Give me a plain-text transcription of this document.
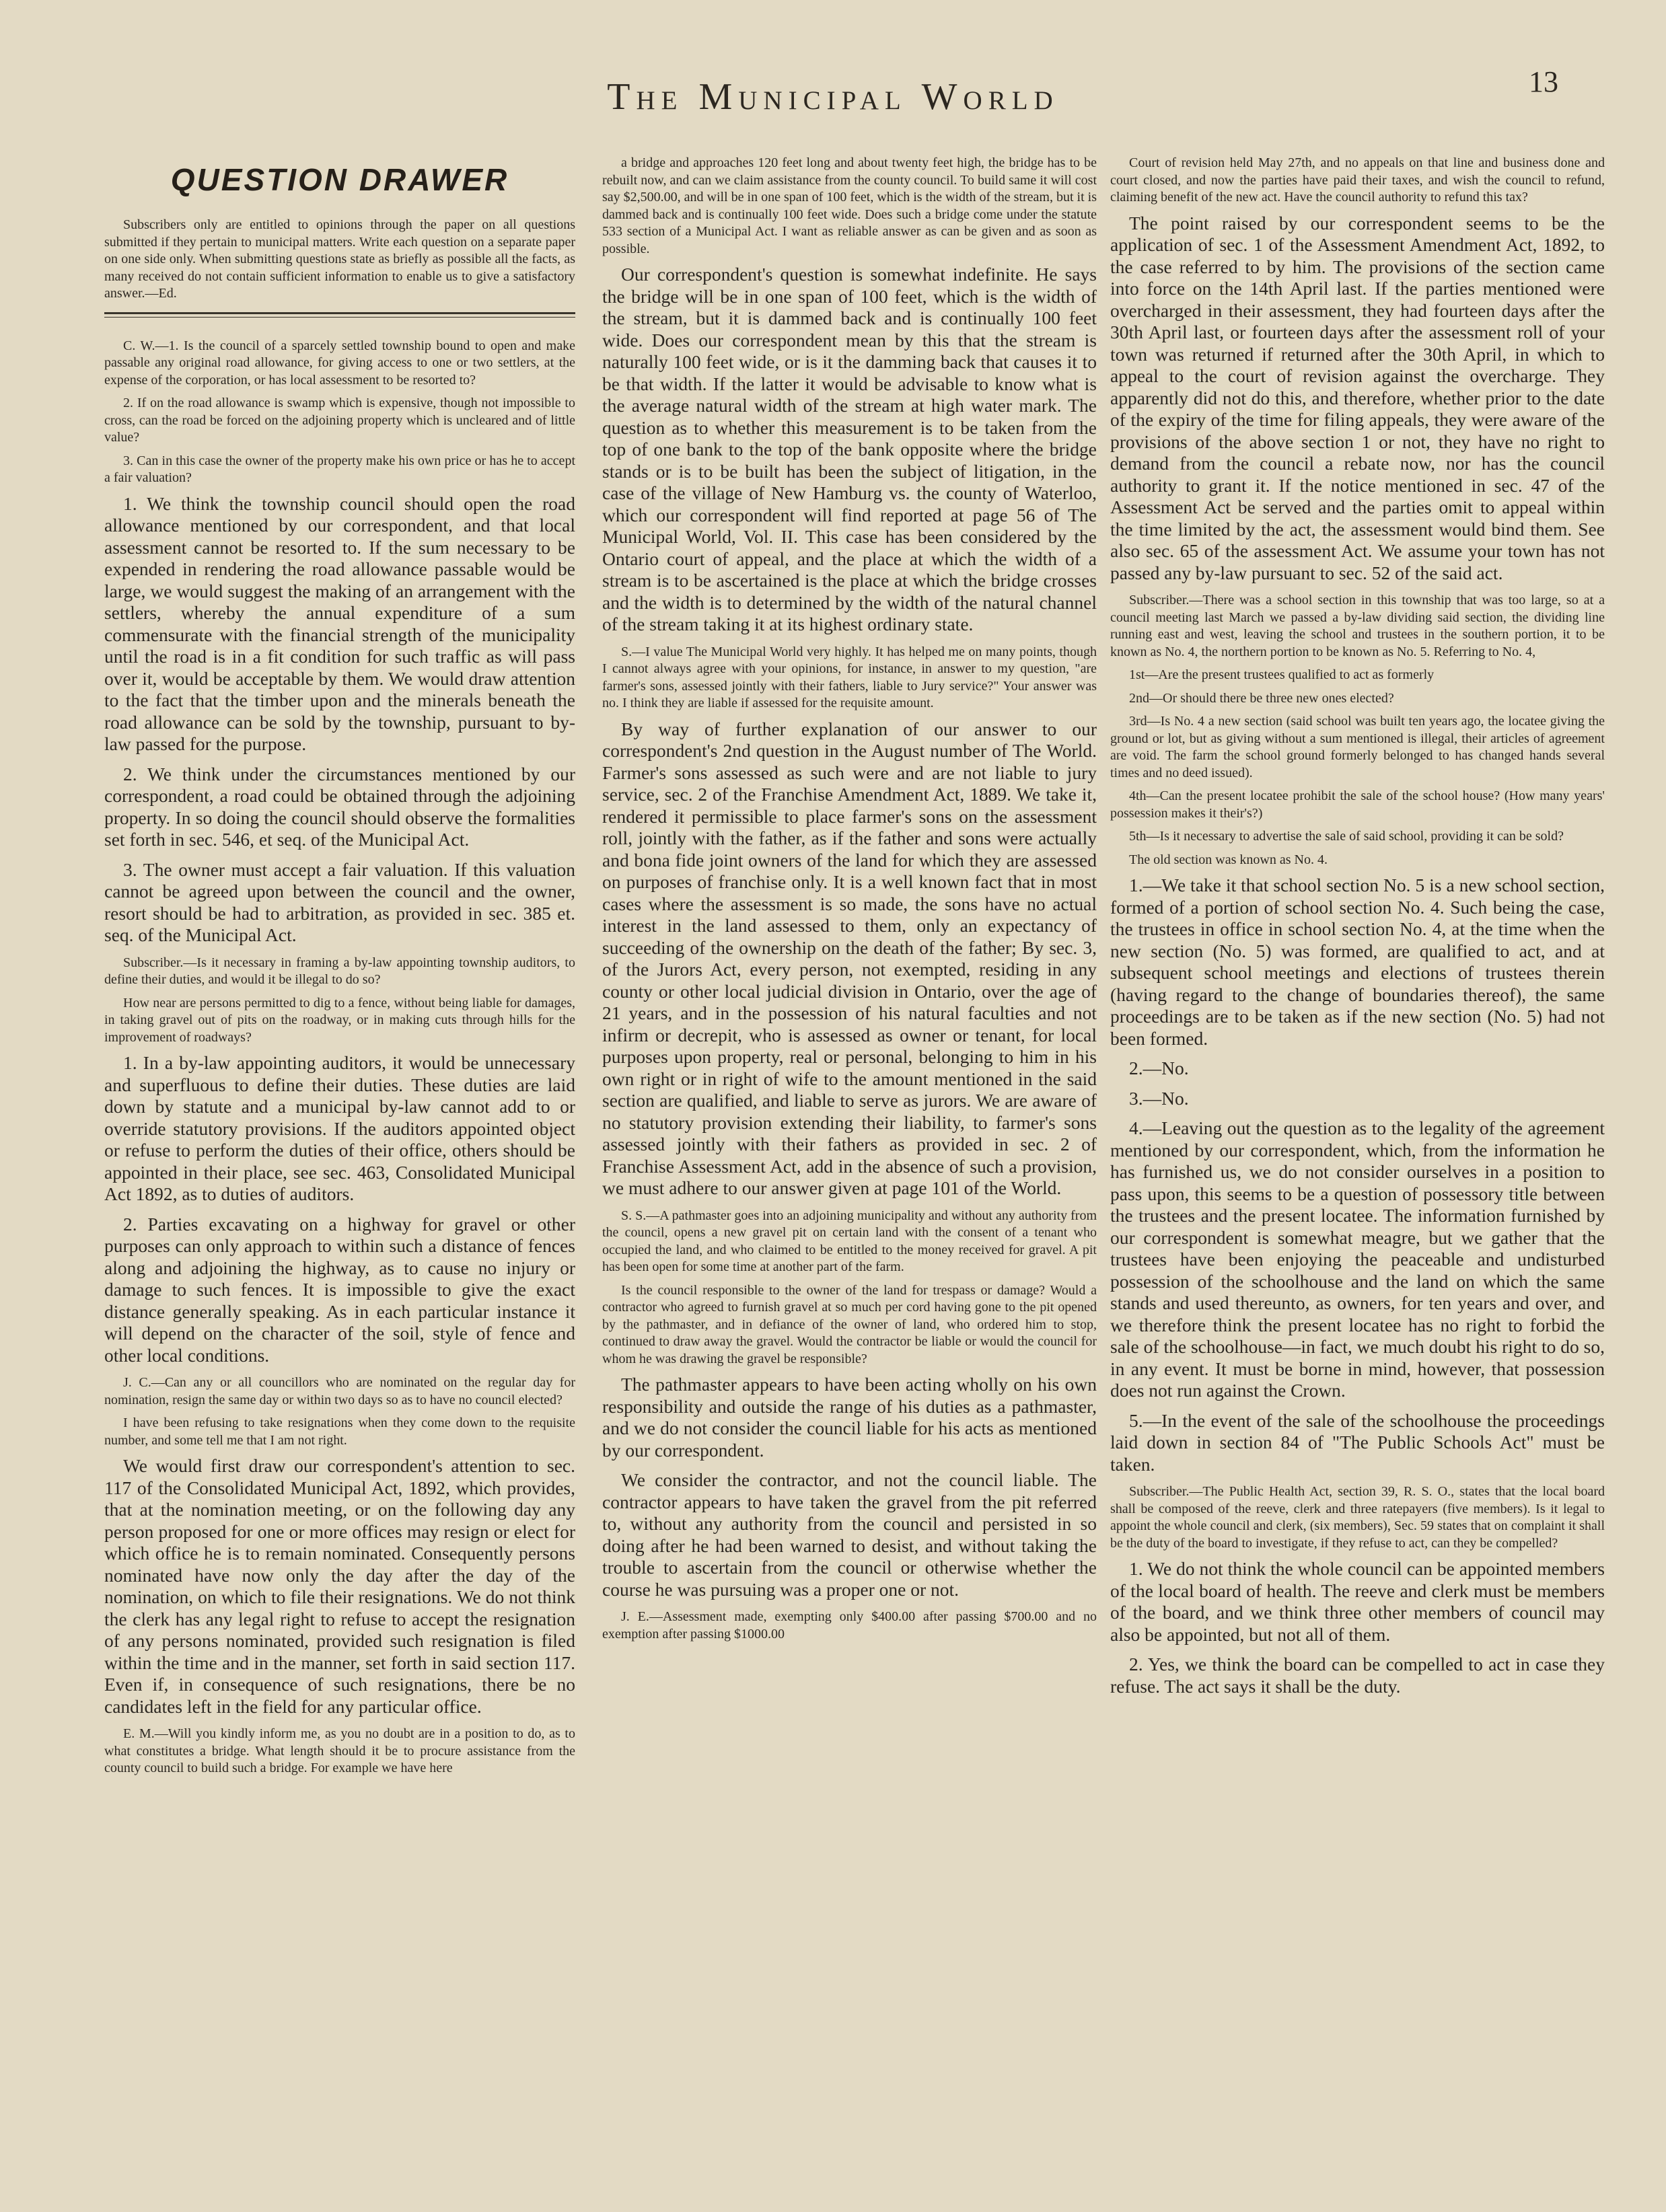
The Municipal World	13
QUESTION DRAWER

Subscribers only are entitled to opinions through the paper on all questions submitted if they pertain to municipal matters. Write each question on a separate paper on one side only. When submitting questions state as briefly as possible all the facts, as many received do not contain sufficient information to enable us to give a satisfactory answer.—Ed.

C. W.—1. Is the council of a sparcely settled township bound to open and make passable any original road allowance, for giving access to one or two settlers, at the expense of the corporation, or has local assessment to be resorted to?

2. If on the road allowance is swamp which is expensive, though not impossible to cross, can the road be forced on the adjoining property which is uncleared and of little value?

3. Can in this case the owner of the property make his own price or has he to accept a fair valuation?

1. We think the township council should open the road allowance mentioned by our correspondent, and that local assessment cannot be resorted to. If the sum necessary to be expended in rendering the road allowance passable would be large, we would suggest the making of an arrangement with the settlers, whereby the annual expenditure of a sum commensurate with the financial strength of the municipality until the road is in a fit condition for such traffic as will pass over it, would be acceptable by them. We would draw attention to the fact that the timber upon and the minerals beneath the road allowance can be sold by the township, pursuant to by-law passed for the purpose.

2. We think under the circumstances mentioned by our correspondent, a road could be obtained through the adjoining property. In so doing the council should observe the formalities set forth in sec. 546, et seq. of the Municipal Act.

3. The owner must accept a fair valuation. If this valuation cannot be agreed upon between the council and the owner, resort should be had to arbitration, as provided in sec. 385 et. seq. of the Municipal Act.

Subscriber.—Is it necessary in framing a by-law appointing township auditors, to define their duties, and would it be illegal to do so?

How near are persons permitted to dig to a fence, without being liable for damages, in taking gravel out of pits on the roadway, or in making cuts through hills for the improvement of roadways?

1. In a by-law appointing auditors, it would be unnecessary and superfluous to define their duties. These duties are laid down by statute and a municipal by-law cannot add to or override statutory provisions. If the auditors appointed object or refuse to perform the duties of their office, others should be appointed in their place, see sec. 463, Consolidated Municipal Act 1892, as to duties of auditors.

2. Parties excavating on a highway for gravel or other purposes can only approach to within such a distance of fences along and adjoining the highway, as to cause no injury or damage to such fences. It is impossible to give the exact distance generally speaking. As in each particular instance it will depend on the character of the soil, style of fence and other local conditions.

J. C.—Can any or all councillors who are nominated on the regular day for nomination, resign the same day or within two days so as to have no council elected?

I have been refusing to take resignations when they come down to the requisite number, and some tell me that I am not right.

We would first draw our correspondent's attention to sec. 117 of the Consolidated Municipal Act, 1892, which provides, that at the nomination meeting, or on the following day any person proposed for one or more offices may resign or elect for which office he is to remain nominated. Consequently persons nominated have now only the day after the day of the nomination, on which to file their resignations. We do not think the clerk has any legal right to refuse to accept the resignation of any persons nominated, provided such resignation is filed within the time and in the manner, set forth in said section 117. Even if, in consequence of such resignations, there be no candidates left in the field for any particular office.

E. M.—Will you kindly inform me, as you no doubt are in a position to do, as to what constitutes a bridge. What length should it be to procure assistance from the county council to build such a bridge. For example we have here

a bridge and approaches 120 feet long and about twenty feet high, the bridge has to be rebuilt now, and can we claim assistance from the county council. To build same it will cost say $2,500.00, and will be in one span of 100 feet, which is the width of the stream, but it is dammed back and is continually 100 feet wide. Does such a bridge come under the statute 533 section of a Municipal Act. I want as reliable answer as can be given and as soon as possible.

Our correspondent's question is somewhat indefinite. He says the bridge will be in one span of 100 feet, which is the width of the stream, but it is dammed back and is continually 100 feet wide. Does our correspondent mean by this that the stream is naturally 100 feet wide, or is it the damming back that causes it to be that width. If the latter it would be advisable to know what is the average natural width of the stream at high water mark. The question as to whether this measurement is to be taken from the top of one bank to the top of the bank opposite where the bridge stands or is to be built has been the subject of litigation, in the case of the village of New Hamburg vs. the county of Waterloo, which our correspondent will find reported at page 56 of The Municipal World, Vol. II. This case has been considered by the Ontario court of appeal, and the place at which the width of a stream is to be ascertained is the place at which the bridge crosses and the width is to determined by the width of the natural channel of the stream taking it at its highest ordinary state.

S.—I value The Municipal World very highly. It has helped me on many points, though I cannot always agree with your opinions, for instance, in answer to my question, "are farmer's sons, assessed jointly with their fathers, liable to Jury service?" Your answer was no. I think they are liable if assessed for the requisite amount.

By way of further explanation of our answer to our correspondent's 2nd question in the August number of The World. Farmer's sons assessed as such were and are not liable to jury service, sec. 2 of the Franchise Amendment Act, 1889. We take it, rendered it permissible to place farmer's sons on the assessment roll, jointly with the father, as if the father and sons were actually and bona fide joint owners of the land for which they are assessed on purposes of franchise only. It is a well known fact that in most cases where the assessment is so made, the sons have no actual interest in the land assessed to them, only an expectancy of succeeding of the ownership on the death of the father; By sec. 3, of the Jurors Act, every person, not exempted, residing in any county or other local judicial division in Ontario, over the age of 21 years, and in the possession of his natural faculties and not infirm or decrepit, who is assessed as owner or tenant, for local purposes upon property, real or personal, belonging to him in his own right or in right of wife to the amount mentioned in the said section are qualified, and liable to serve as jurors. We are aware of no statutory provision extending their liability, to farmer's sons assessed jointly with their fathers as provided in sec. 2 of Franchise Assessment Act, add in the absence of such a provision, we must adhere to our answer given at page 101 of the World.

S. S.—A pathmaster goes into an adjoining municipality and without any authority from the council, opens a new gravel pit on certain land with the consent of a tenant who occupied the land, and who claimed to be entitled to the money received for gravel. A pit has been open for some time at another part of the farm.

Is the council responsible to the owner of the land for trespass or damage? Would a contractor who agreed to furnish gravel at so much per cord having gone to the pit opened by the pathmaster, and in defiance of the owner of land, who ordered him to stop, continued to draw away the gravel. Would the contractor be liable or would the council for whom he was drawing the gravel be responsible?

The pathmaster appears to have been acting wholly on his own responsibility and outside the range of his duties as a pathmaster, and we do not consider the council liable for his acts as mentioned by our correspondent.

We consider the contractor, and not the council liable. The contractor appears to have taken the gravel from the pit referred to, without any authority from the council and persisted in so doing after he had been warned to desist, and without taking the trouble to ascertain from the council or otherwise whether the course he was pursuing was a proper one or not.

J. E.—Assessment made, exempting only $400.00 after passing $700.00 and no exemption after passing $1000.00

Court of revision held May 27th, and no appeals on that line and business done and court closed, and now the parties have paid their taxes, and wish the council to refund, claiming benefit of the new act. Have the council authority to refund this tax?

The point raised by our correspondent seems to be the application of sec. 1 of the Assessment Amendment Act, 1892, to the case referred to by him. The provisions of the section came into force on the 14th April last. If the parties mentioned were overcharged in their assessment, they had fourteen days after the 30th April last, or fourteen days after the assessment roll of your town was returned if returned after the 30th April, in which to appeal to the court of revision against the overcharge. They apparently did not do this, and therefore, whether prior to the date of the expiry of the time for filing appeals, they were aware of the provisions of the above section 1 or not, they have no right to demand from the council a rebate now, nor has the council authority to grant it. If the notice mentioned in sec. 47 of the Assessment Act be served and the parties omit to appeal within the time limited by the act, the assessment would bind them. See also sec. 65 of the assessment Act. We assume your town has not passed any by-law pursuant to sec. 52 of the said act.

Subscriber.—There was a school section in this township that was too large, so at a council meeting last March we passed a by-law dividing said section, the dividing line running east and west, leaving the school and trustees in the southern portion, it to be known as No. 4, the northern portion to be known as No. 5. Referring to No. 4,

1st—Are the present trustees qualified to act as formerly

2nd—Or should there be three new ones elected?

3rd—Is No. 4 a new section (said school was built ten years ago, the locatee giving the ground or lot, but as giving without a sum mentioned is illegal, their articles of agreement are void. The farm the school ground formerly belonged to has changed hands several times and no deed issued).

4th—Can the present locatee prohibit the sale of the school house? (How many years' possession makes it their's?)

5th—Is it necessary to advertise the sale of said school, providing it can be sold?

The old section was known as No. 4.

1.—We take it that school section No. 5 is a new school section, formed of a portion of school section No. 4. Such being the case, the trustees in office in school section No. 4, at the time when the new section (No. 5) was formed, are qualified to act, and at subsequent school meetings and elections of trustees therein (having regard to the change of boundaries thereof), the same proceedings are to be taken as if the new section (No. 5) had not been formed.

2.—No.

3.—No.

4.—Leaving out the question as to the legality of the agreement mentioned by our correspondent, which, from the information he has furnished us, we do not consider ourselves in a position to pass upon, this seems to be a question of possessory title between the trustees and the present locatee. The information furnished by our correspondent is somewhat meagre, but we gather that the trustees have been enjoying the peaceable and undisturbed possession of the schoolhouse and the land on which the same stands and used thereunto, as owners, for ten years and over, and we therefore think the present locatee has no right to forbid the sale of the schoolhouse—in fact, we much doubt his right to do so, in any event. It must be borne in mind, however, that possession does not run against the Crown.

5.—In the event of the sale of the schoolhouse the proceedings laid down in section 84 of "The Public Schools Act" must be taken.

Subscriber.—The Public Health Act, section 39, R. S. O., states that the local board shall be composed of the reeve, clerk and three ratepayers (five members). Is it legal to appoint the whole council and clerk, (six members), Sec. 59 states that on complaint it shall be the duty of the board to investigate, if they refuse to act, can they be compelled?

1. We do not think the whole council can be appointed members of the local board of health. The reeve and clerk must be members of the board, and we think three other members of council may also be appointed, but not all of them.

2. Yes, we think the board can be compelled to act in case they refuse. The act says it shall be the duty.
